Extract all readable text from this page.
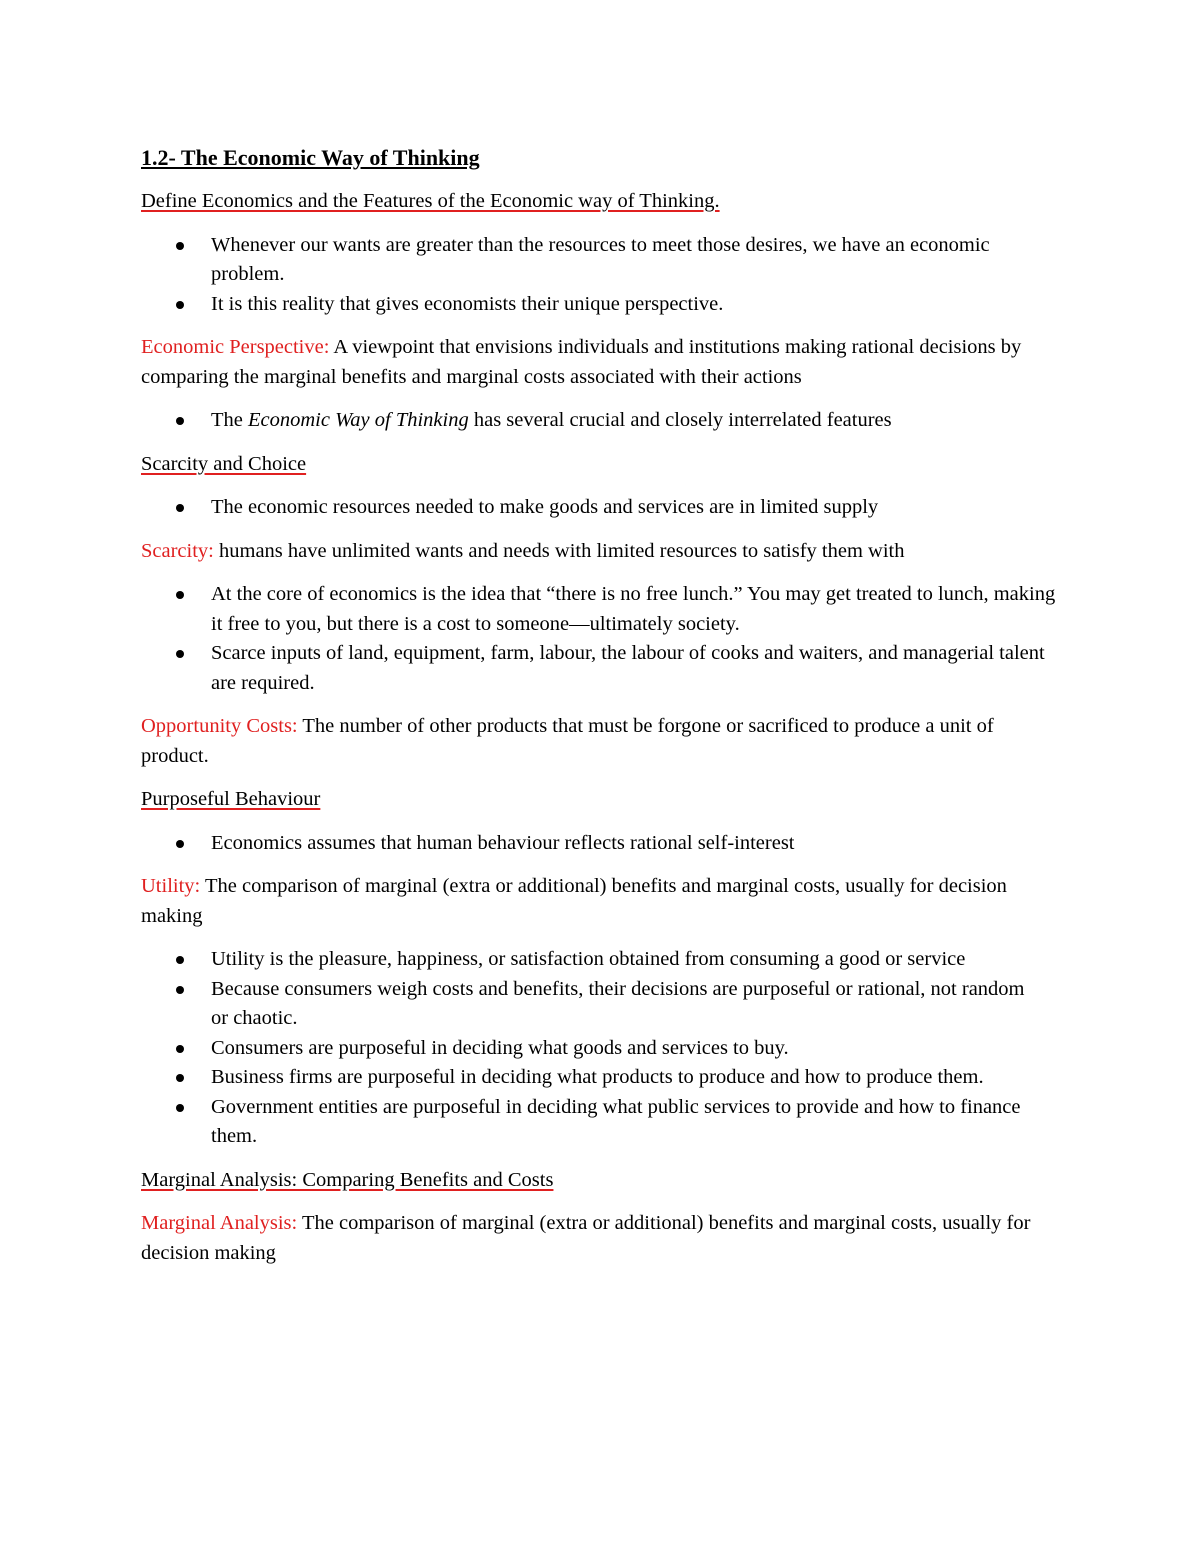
1.2- The Economic Way of Thinking
Define Economics and the Features of the Economic way of Thinking.
Whenever our wants are greater than the resources to meet those desires, we have an economic problem.
It is this reality that gives economists their unique perspective.

Economic Perspective: A viewpoint that envisions individuals and institutions making rational decisions by comparing the marginal benefits and marginal costs associated with their actions

The Economic Way of Thinking has several crucial and closely interrelated features
Scarcity and Choice
The economic resources needed to make goods and services are in limited supply

Scarcity: humans have unlimited wants and needs with limited resources to satisfy them with

At the core of economics is the idea that “there is no free lunch.” You may get treated to lunch, making it free to you, but there is a cost to someone—ultimately society.
Scarce inputs of land, equipment, farm, labour, the labour of cooks and waiters, and managerial talent are required.

Opportunity Costs: The number of other products that must be forgone or sacrificed to produce a unit of product.

Purposeful Behaviour
Economics assumes that human behaviour reflects rational self-interest

Utility: The comparison of marginal (extra or additional) benefits and marginal costs, usually for decision making

Utility is the pleasure, happiness, or satisfaction obtained from consuming a good or service
Because consumers weigh costs and benefits, their decisions are purposeful or rational, not random or chaotic.
Consumers are purposeful in deciding what goods and services to buy.
Business firms are purposeful in deciding what products to produce and how to produce them.
Government entities are purposeful in deciding what public services to provide and how to finance them.
Marginal Analysis: Comparing Benefits and Costs

Marginal Analysis: The comparison of marginal (extra or additional) benefits and marginal costs, usually for decision making
